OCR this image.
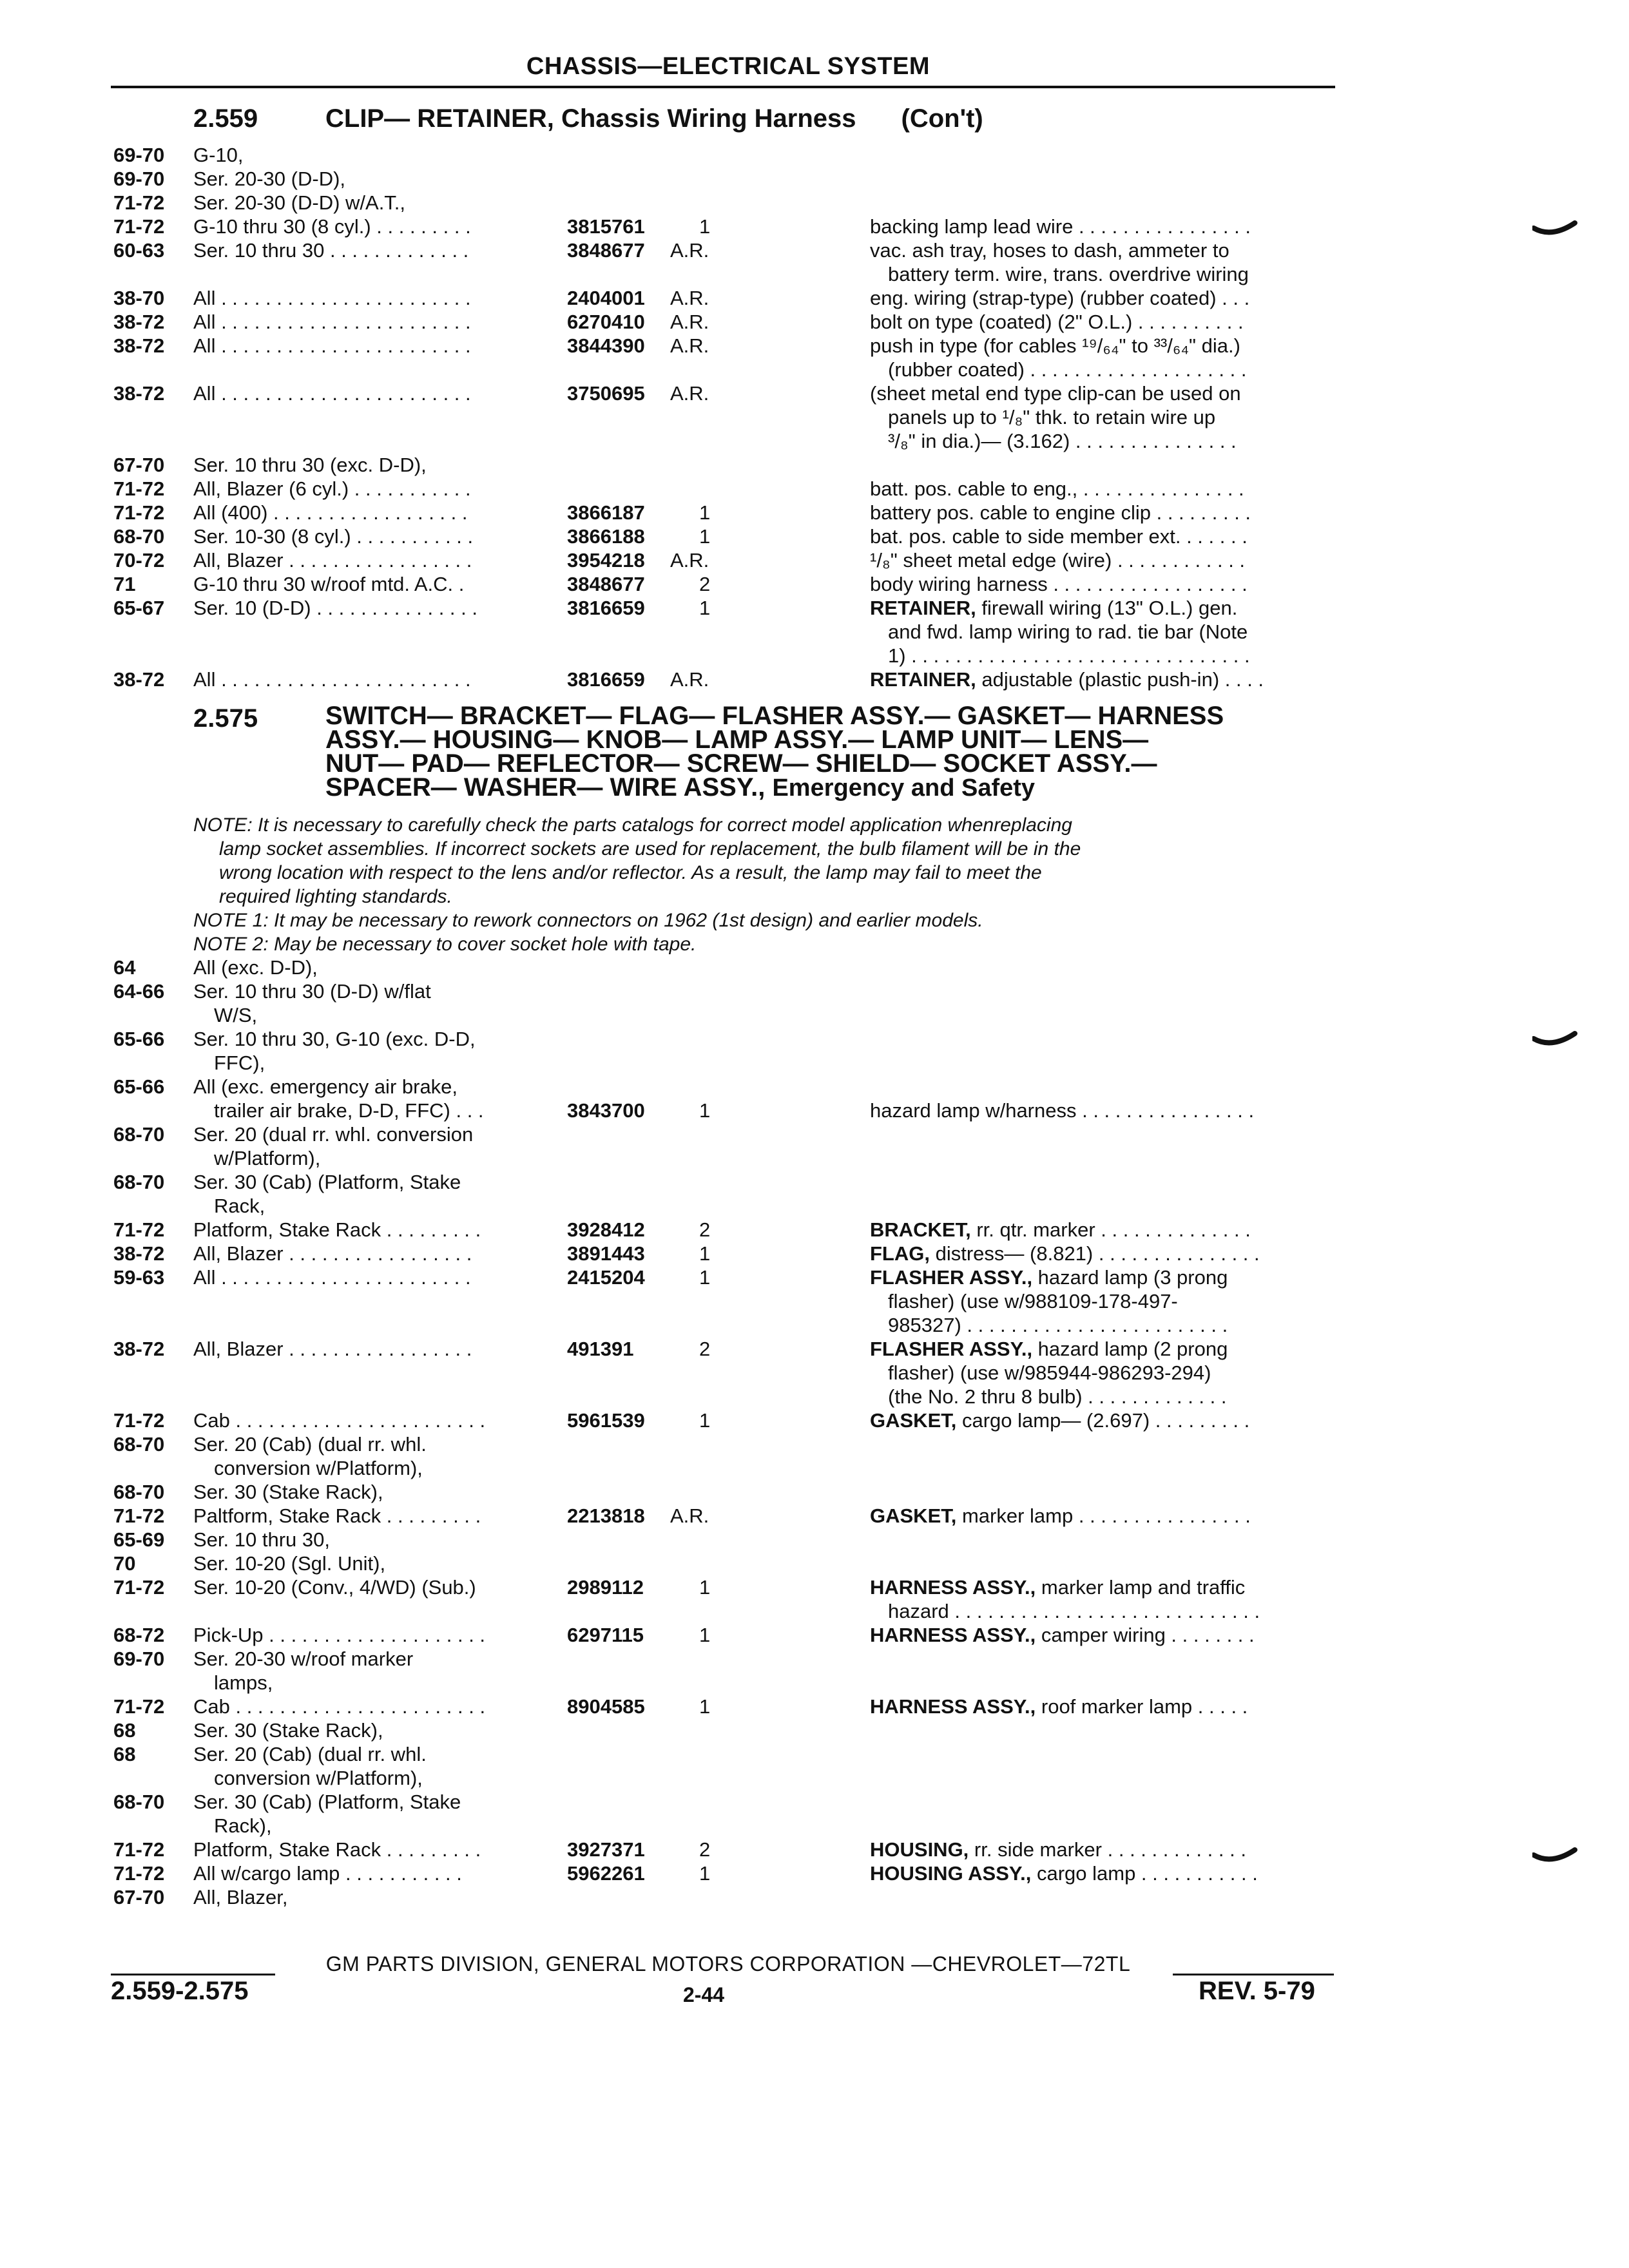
CHASSIS—ELECTRICAL SYSTEM
2.559	CLIP— RETAINER, Chassis Wiring Harness (Con't)
69-70	G-10,
69-70	Ser. 20-30 (D-D),
71-72	Ser. 20-30 (D-D) w/A.T.,
71-72	G-10 thru 30 (8 cyl.) . . . . . . . . .	3815761	1	backing lamp lead wire . . . . . . . . . . . . . . . .
60-63	Ser. 10 thru 30 . . . . . . . . . . . . .	3848677 A.R.	vac. ash tray, hoses to dash, ammeter to
battery term. wire, trans. overdrive wiring
38-70	All . . . . . . . . . . . . . . . . . . . . . . .	2404001 A.R.	eng. wiring (strap-type) (rubber coated) . . .
38-72	All . . . . . . . . . . . . . . . . . . . . . . .	6270410 A.R.	bolt on type (coated) (2" O.L.) . . . . . . . . . .
38-72	All . . . . . . . . . . . . . . . . . . . . . . .	3844390 A.R.	push in type (for cables ¹⁹/₆₄" to ³³/₆₄" dia.)
(rubber coated) . . . . . . . . . . . . . . . . . . . .
38-72	All . . . . . . . . . . . . . . . . . . . . . . .	3750695 A.R.	(sheet metal end type clip-can be used on
panels up to ¹/₈" thk. to retain wire up
³/₈" in dia.)— (3.162) . . . . . . . . . . . . . . .
67-70	Ser. 10 thru 30 (exc. D-D),
71-72	All, Blazer (6 cyl.) . . . . . . . . . . .	batt. pos. cable to eng., . . . . . . . . . . . . . . .
71-72	All (400) . . . . . . . . . . . . . . . . . .	3866187	1	battery pos. cable to engine clip . . . . . . . . .
68-70	Ser. 10-30 (8 cyl.) . . . . . . . . . . .	3866188	1	bat. pos. cable to side member ext. . . . . . .
70-72	All, Blazer . . . . . . . . . . . . . . . . .	3954218 A.R.	¹/₈" sheet metal edge (wire) . . . . . . . . . . . .
71	G-10 thru 30 w/roof mtd. A.C. .	3848677	2	body wiring harness . . . . . . . . . . . . . . . . . .
65-67	Ser. 10 (D-D) . . . . . . . . . . . . . . .	3816659	1	RETAINER, firewall wiring (13" O.L.) gen.
and fwd. lamp wiring to rad. tie bar (Note
1) . . . . . . . . . . . . . . . . . . . . . . . . . . . . . . .
38-72	All . . . . . . . . . . . . . . . . . . . . . . .	3816659 A.R.	RETAINER, adjustable (plastic push-in) . . . .
2.575	SWITCH— BRACKET— FLAG— FLASHER ASSY.— GASKET— HARNESS
ASSY.— HOUSING— KNOB— LAMP ASSY.— LAMP UNIT— LENS—
NUT— PAD— REFLECTOR— SCREW— SHIELD— SOCKET ASSY.—
SPACER— WASHER— WIRE ASSY., Emergency and Safety
NOTE: It is necessary to carefully check the parts catalogs for correct model application whenreplacing
lamp socket assemblies. If incorrect sockets are used for replacement, the bulb filament will be in the
wrong location with respect to the lens and/or reflector. As a result, the lamp may fail to meet the
required lighting standards.
NOTE 1: It may be necessary to rework connectors on 1962 (1st design) and earlier models.
NOTE 2: May be necessary to cover socket hole with tape.
64	All (exc. D-D),
64-66	Ser. 10 thru 30 (D-D) w/flat
W/S,
65-66	Ser. 10 thru 30, G-10 (exc. D-D,
FFC),
65-66	All (exc. emergency air brake,
trailer air brake, D-D, FFC) . . .	3843700	1
	hazard lamp w/harness . . . . . . . . . . . . . . . .
68-70	Ser. 20 (dual rr. whl. conversion
w/Platform),
68-70	Ser. 30 (Cab) (Platform, Stake
Rack,
71-72	Platform, Stake Rack . . . . . . . . .	3928412	2	BRACKET, rr. qtr. marker . . . . . . . . . . . . . .
38-72	All, Blazer . . . . . . . . . . . . . . . . .	3891443	1	FLAG, distress— (8.821) . . . . . . . . . . . . . . .
59-63	All . . . . . . . . . . . . . . . . . . . . . . .	2415204	1	FLASHER ASSY., hazard lamp (3 prong
flasher) (use w/988109-178-497-
985327) . . . . . . . . . . . . . . . . . . . . . . . .
38-72	All, Blazer . . . . . . . . . . . . . . . . .	491391	2	FLASHER ASSY., hazard lamp (2 prong
flasher) (use w/985944-986293-294)
(the No. 2 thru 8 bulb) . . . . . . . . . . . . .
71-72	Cab . . . . . . . . . . . . . . . . . . . . . . .	5961539	1	GASKET, cargo lamp— (2.697) . . . . . . . . .
68-70	Ser. 20 (Cab) (dual rr. whl.
conversion w/Platform),
68-70	Ser. 30 (Stake Rack),
71-72	Paltform, Stake Rack . . . . . . . . .	2213818 A.R.	GASKET, marker lamp . . . . . . . . . . . . . . . .
65-69	Ser. 10 thru 30,
70	Ser. 10-20 (Sgl. Unit),
71-72	Ser. 10-20 (Conv., 4/WD) (Sub.)	2989112	1	HARNESS ASSY., marker lamp and traffic
hazard . . . . . . . . . . . . . . . . . . . . . . . . . . . .
68-72	Pick-Up . . . . . . . . . . . . . . . . . . . .	6297115	1	HARNESS ASSY., camper wiring . . . . . . . .
69-70	Ser. 20-30 w/roof marker
lamps,
71-72	Cab . . . . . . . . . . . . . . . . . . . . . . .	8904585	1	HARNESS ASSY., roof marker lamp . . . . .
68	Ser. 30 (Stake Rack),
68	Ser. 20 (Cab) (dual rr. whl.
conversion w/Platform),
68-70	Ser. 30 (Cab) (Platform, Stake
Rack),
71-72	Platform, Stake Rack . . . . . . . . .	3927371	2	HOUSING, rr. side marker . . . . . . . . . . . . .
71-72	All w/cargo lamp . . . . . . . . . . .	5962261	1	HOUSING ASSY., cargo lamp . . . . . . . . . . .
67-70	All, Blazer,
GM PARTS DIVISION, GENERAL MOTORS CORPORATION —CHEVROLET—72TL
2.559-2.575	2-44	REV. 5-79
